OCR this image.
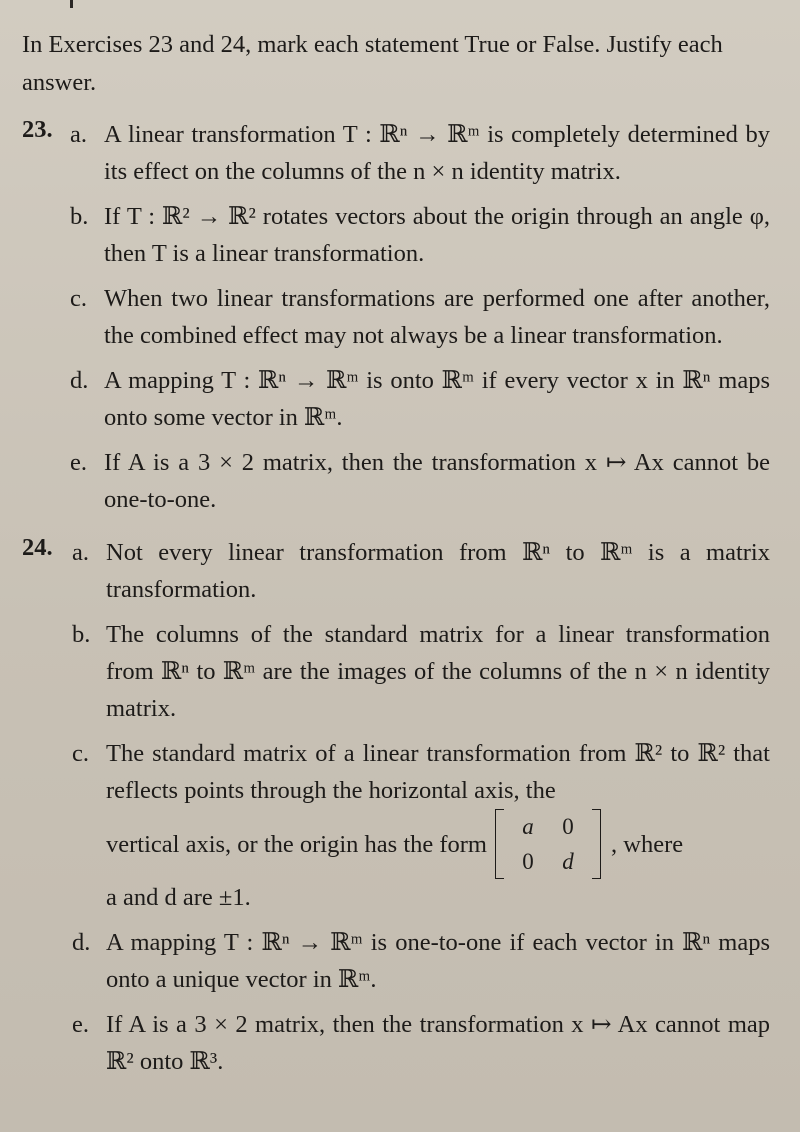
In Exercises 23 and 24, mark each statement True or False. Justify each answer.

23. a. A linear transformation T : ℝⁿ → ℝᵐ is completely determined by its effect on the columns of the n × n identity matrix.
b. If T : ℝ² → ℝ² rotates vectors about the origin through an angle φ, then T is a linear transformation.
c. When two linear transformations are performed one after another, the combined effect may not always be a linear transformation.
d. A mapping T : ℝⁿ → ℝᵐ is onto ℝᵐ if every vector x in ℝⁿ maps onto some vector in ℝᵐ.
e. If A is a 3 × 2 matrix, then the transformation x ↦ Ax cannot be one-to-one.
24. a. Not every linear transformation from ℝⁿ to ℝᵐ is a matrix transformation.
b. The columns of the standard matrix for a linear transformation from ℝⁿ to ℝᵐ are the images of the columns of the n × n identity matrix.
c. The standard matrix of a linear transformation from ℝ² to ℝ² that reflects points through the horizontal axis, the
vertical axis, or the origin has the form
a	0
0	d
, where
a and d are ±1.
d. A mapping T : ℝⁿ → ℝᵐ is one-to-one if each vector in ℝⁿ maps onto a unique vector in ℝᵐ.
e. If A is a 3 × 2 matrix, then the transformation x ↦ Ax cannot map ℝ² onto ℝ³.
